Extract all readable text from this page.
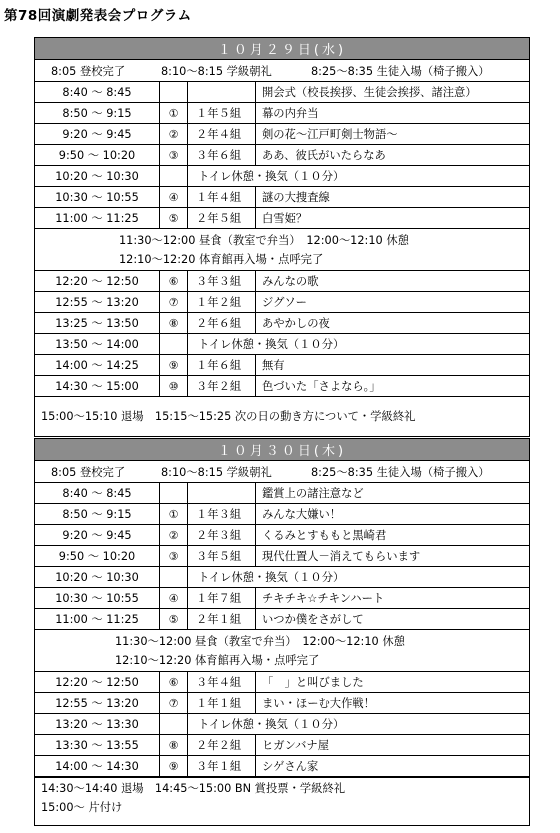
第78回演劇発表会プログラム
１０月２９日(水)
8:05 登校完了	8:10～8:15 学級朝礼	8:25～8:35 生徒入場（椅子搬入）
8:40 ～ 8:45	開会式（校長挨拶、生徒会挨拶、諸注意）
8:50 ～ 9:15	①	１年５組	幕の内弁当
9:20 ～ 9:45	②	２年４組	剣の花～江戸町剣士物語～
9:50 ～ 10:20	③	３年６組	ああ、彼氏がいたらなあ
10:20 ～ 10:30	トイレ休憩・換気（１０分）
10:30 ～ 10:55	④	１年４組	謎の大捜査線
11:00 ～ 11:25	⑤	２年５組	白雪姫？
11:30～12:00 昼食（教室で弁当）　12:00～12:10 休憩
12:10～12:20 体育館再入場・点呼完了
12:20 ～ 12:50	⑥	３年３組	みんなの歌
12:55 ～ 13:20	⑦	１年２組	ジグソー
13:25 ～ 13:50	⑧	２年６組	あやかしの夜
13:50 ～ 14:00	トイレ休憩・換気（１０分）
14:00 ～ 14:25	⑨	１年６組	無有
14:30 ～ 15:00	⑩	３年２組	色づいた「さよなら。」
15:00～15:10 退場　15:15～15:25 次の日の動き方について・学級終礼
１０月３０日(木)
8:05 登校完了	8:10～8:15 学級朝礼	8:25～8:35 生徒入場（椅子搬入）
8:40 ～ 8:45	鑑賞上の諸注意など
8:50 ～ 9:15	①	１年３組	みんな大嫌い！
9:20 ～ 9:45	②	２年３組	くるみとすももと黒崎君
9:50 ～ 10:20	③	３年５組	現代仕置人－消えてもらいます
10:20 ～ 10:30	トイレ休憩・換気（１０分）
10:30 ～ 10:55	④	１年７組	チキチキ☆チキンハート
11:00 ～ 11:25	⑤	２年１組	いつか僕をさがして
11:30～12:00 昼食（教室で弁当）　12:00～12:10 休憩
12:10～12:20 体育館再入場・点呼完了
12:20 ～ 12:50	⑥	３年４組	「　」と叫びました
12:55 ～ 13:20	⑦	１年１組	まい・ほーむ大作戦！
13:20 ～ 13:30	トイレ休憩・換気（１０分）
13:30 ～ 13:55	⑧	２年２組	ヒガンバナ屋
14:00 ～ 14:30	⑨	３年１組	シゲさん家
14:30～14:40 退場　14:45～15:00 BN 賞投票・学級終礼
15:00～ 片付け
